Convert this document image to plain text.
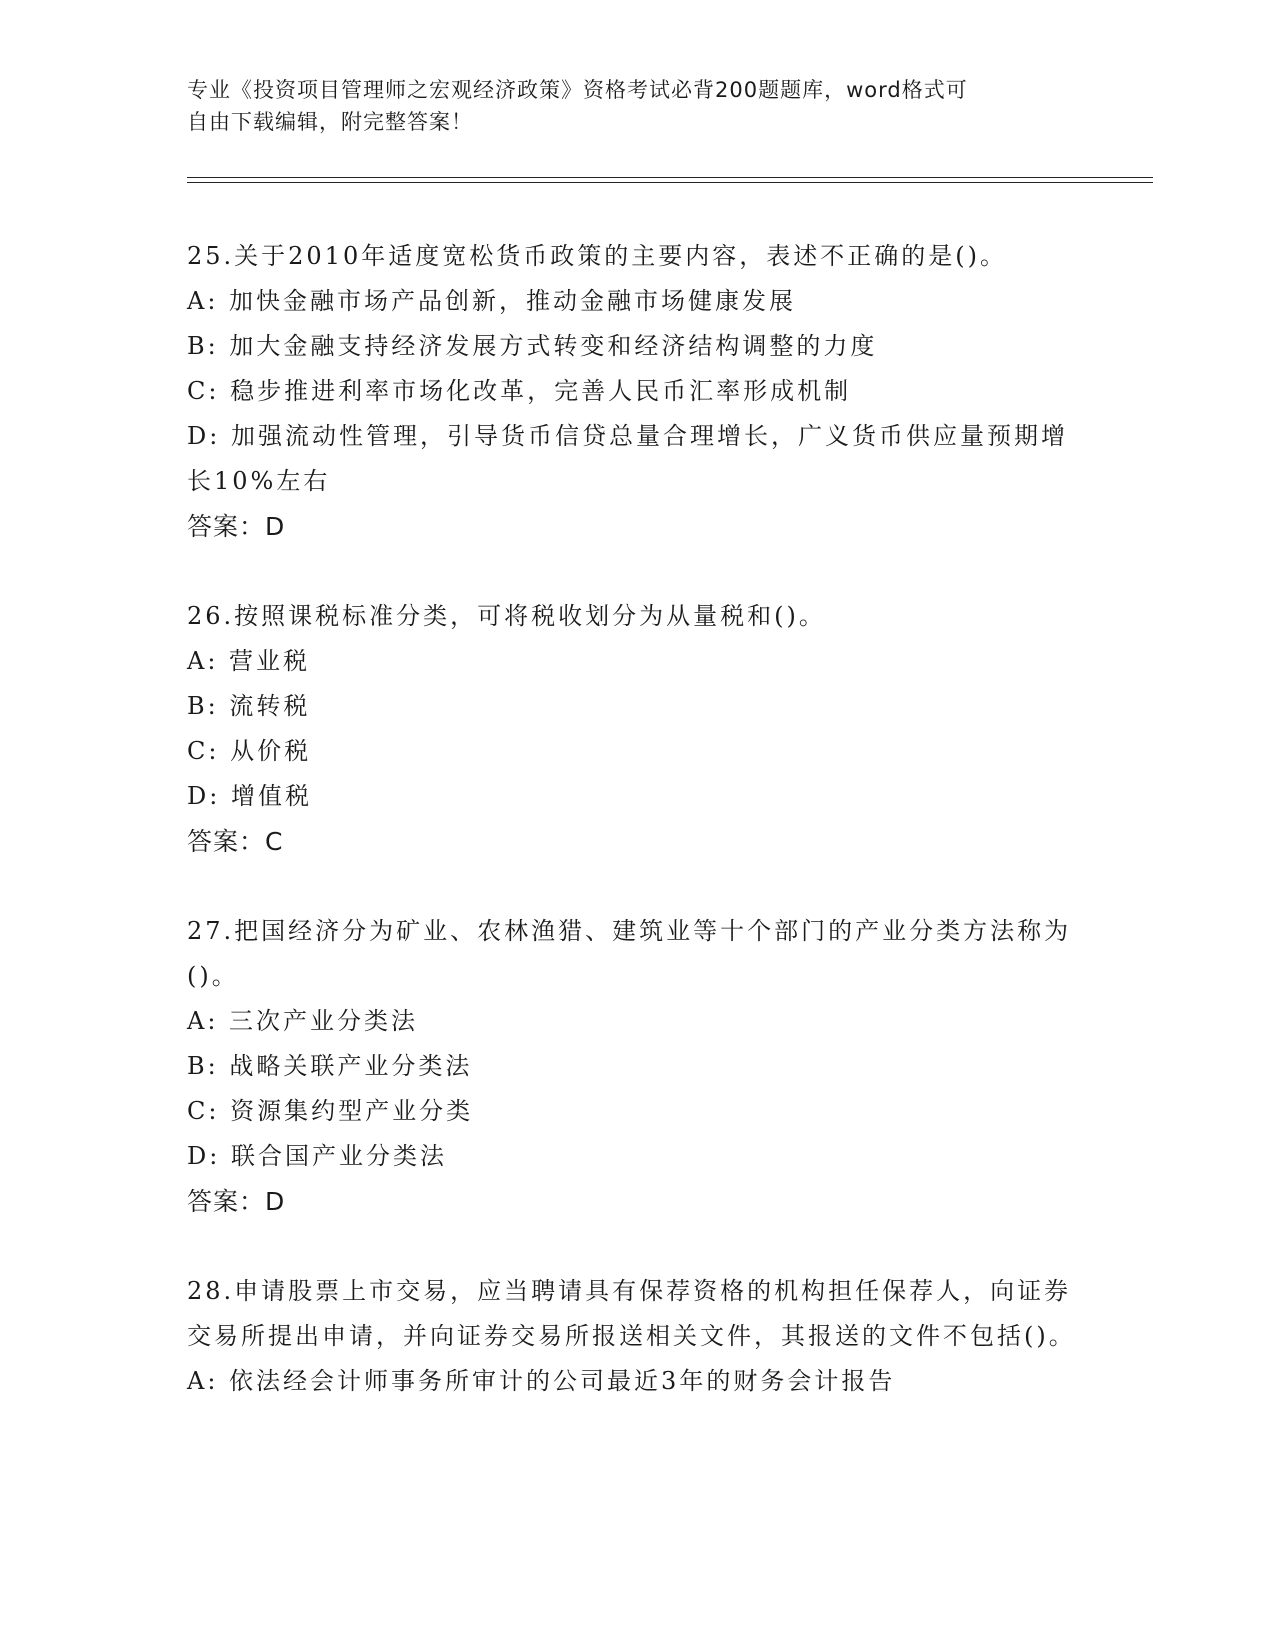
专业《投资项目管理师之宏观经济政策》资格考试必背200题题库，word格式可
自由下载编辑，附完整答案！

25.关于2010年适度宽松货币政策的主要内容，表述不正确的是()。

A: 加快金融市场产品创新，推动金融市场健康发展

B: 加大金融支持经济发展方式转变和经济结构调整的力度

C: 稳步推进利率市场化改革，完善人民币汇率形成机制

D: 加强流动性管理，引导货币信贷总量合理增长，广义货币供应量预期增长10%左右

答案：D

26.按照课税标准分类，可将税收划分为从量税和()。

A: 营业税

B: 流转税

C: 从价税

D: 增值税

答案：C

27.把国经济分为矿业、农林渔猎、建筑业等十个部门的产业分类方法称为()。

A: 三次产业分类法

B: 战略关联产业分类法

C: 资源集约型产业分类

D: 联合国产业分类法

答案：D

28.申请股票上市交易，应当聘请具有保荐资格的机构担任保荐人，向证券交易所提出申请，并向证券交易所报送相关文件，其报送的文件不包括()。

A: 依法经会计师事务所审计的公司最近3年的财务会计报告
